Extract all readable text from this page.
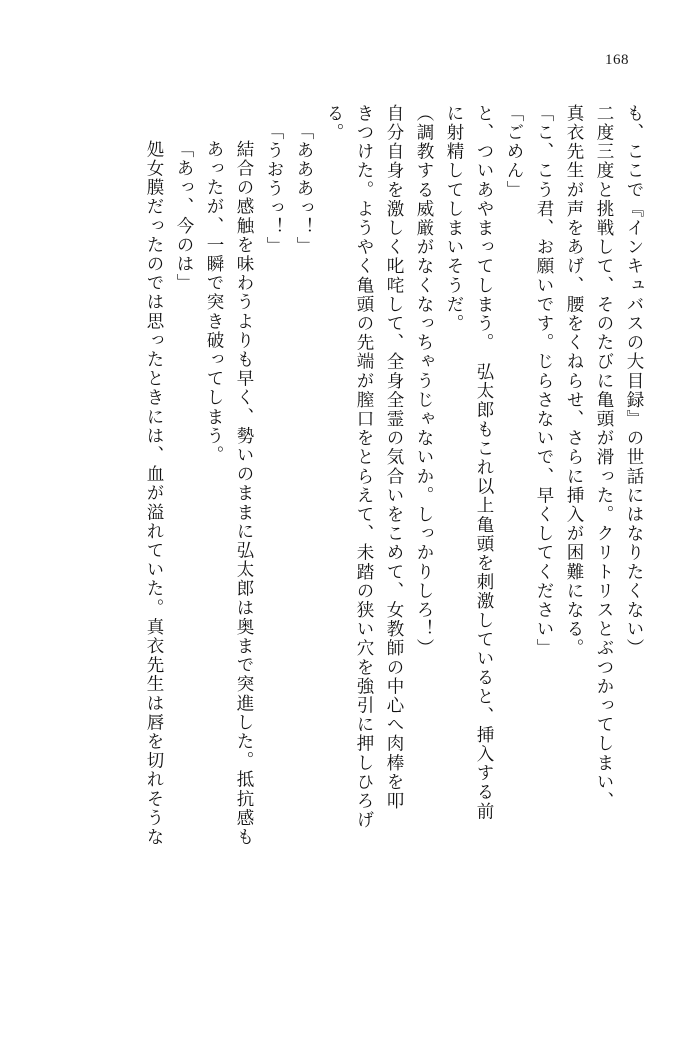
168
も、ここで『インキュバスの大目録』の世話にはなりたくない）
二度三度と挑戦して、そのたびに亀頭が滑った。クリトリスとぶつかってしまい、
真衣先生が声をあげ、腰をくねらせ、さらに挿入が困難になる。
「こ、こう君、お願いです。じらさないで、早くしてください」
「ごめん」
と、ついあやまってしまう。　弘太郎もこれ以上亀頭を刺激していると、挿入する前
に射精してしまいそうだ。
（調教する威厳がなくなっちゃうじゃないか。しっかりしろ！）
自分自身を激しく叱咤して、全身全霊の気合いをこめて、女教師の中心へ肉棒を叩
きつけた。ようやく亀頭の先端が膣口をとらえて、未踏の狭い穴を強引に押しひろげ
る。
「あああっ！」
「うおうっ！」
結合の感触を味わうよりも早く、勢いのままに弘太郎は奥まで突進した。抵抗感も
あったが、一瞬で突き破ってしまう。
「あっ、今のは」
処女膜だったのでは思ったときには、血が溢れていた。真衣先生は唇を切れそうな
